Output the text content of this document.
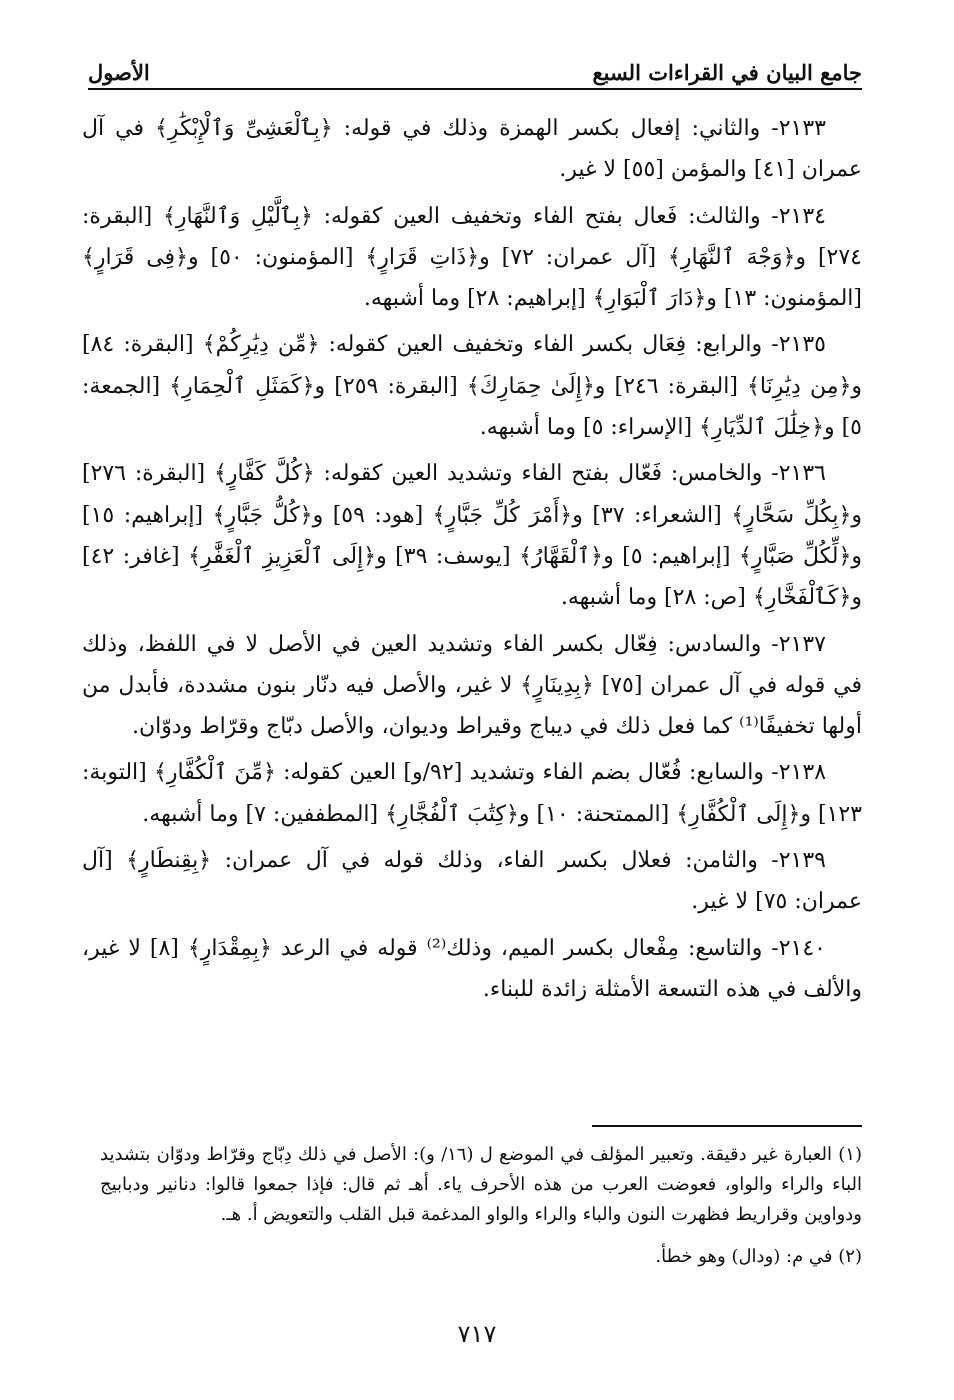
جامع البيان في القراءات السبع
الأصول

٢١٣٣- والثاني: إفعال بكسر الهمزة وذلك في قوله: ﴿بِٱلْعَشِىِّ وَٱلْإِبْكَٰرِ﴾ في آل عمران [٤١] والمؤمن [٥٥] لا غير.

٢١٣٤- والثالث: فَعال بفتح الفاء وتخفيف العين كقوله: ﴿بِٱلَّيْلِ وَٱلنَّهَارِ﴾ [البقرة: ٢٧٤] و﴿وَجْهَ ٱلنَّهَارِ﴾ [آل عمران: ٧٢] و﴿ذَاتِ قَرَارٍ﴾ [المؤمنون: ٥٠] و﴿فِى قَرَارٍ﴾ [المؤمنون: ١٣] و﴿دَارَ ٱلْبَوَارِ﴾ [إبراهيم: ٢٨] وما أشبهه.

٢١٣٥- والرابع: فِعَال بكسر الفاء وتخفيف العين كقوله: ﴿مِّن دِيَٰرِكُمْ﴾ [البقرة: ٨٤] و﴿مِن دِيَٰرِنَا﴾ [البقرة: ٢٤٦] و﴿إِلَىٰ حِمَارِكَ﴾ [البقرة: ٢٥٩] و﴿كَمَثَلِ ٱلْحِمَارِ﴾ [الجمعة: ٥] و﴿خِلَٰلَ ٱلدِّيَارِ﴾ [الإسراء: ٥] وما أشبهه.

٢١٣٦- والخامس: فَعّال بفتح الفاء وتشديد العين كقوله: ﴿كُلَّ كَفَّارٍ﴾ [البقرة: ٢٧٦] و﴿بِكُلِّ سَحَّارٍ﴾ [الشعراء: ٣٧] و﴿أَمْرَ كُلِّ جَبَّارٍ﴾ [هود: ٥٩] و﴿كُلُّ جَبَّارٍ﴾ [إبراهيم: ١٥] و﴿لِّكُلِّ صَبَّارٍ﴾ [إبراهيم: ٥] و﴿ٱلْقَهَّارُ﴾ [يوسف: ٣٩] و﴿إِلَى ٱلْعَزِيزِ ٱلْغَفَّٰرِ﴾ [غافر: ٤٢] و﴿كَٱلْفَخَّارِ﴾ [ص: ٢٨] وما أشبهه.

٢١٣٧- والسادس: فِعّال بكسر الفاء وتشديد العين في الأصل لا في اللفظ، وذلك في قوله في آل عمران [٧٥] ﴿بِدِينَارٍ﴾ لا غير، والأصل فيه دنّار بنون مشددة، فأبدل من أولها تخفيفًا⁽¹⁾ كما فعل ذلك في ديباج وقيراط وديوان، والأصل دبّاج وقرّاط ودوّان.

٢١٣٨- والسابع: فُعّال بضم الفاء وتشديد [٩٢/و] العين كقوله: ﴿مِّنَ ٱلْكُفَّارِ﴾ [التوبة: ١٢٣] و﴿إِلَى ٱلْكُفَّارِ﴾ [الممتحنة: ١٠] و﴿كِتَٰبَ ٱلْفُجَّارِ﴾ [المطففين: ٧] وما أشبهه.

٢١٣٩- والثامن: فعلال بكسر الفاء، وذلك قوله في آل عمران: ﴿بِقِنطَارٍ﴾ [آل عمران: ٧٥] لا غير.

٢١٤٠- والتاسع: مِفْعال بكسر الميم، وذلك⁽²⁾ قوله في الرعد ﴿بِمِقْدَارٍ﴾ [٨] لا غير، والألف في هذه التسعة الأمثلة زائدة للبناء.

(١) العبارة غير دقيقة. وتعبير المؤلف في الموضع ل (١٦/ و): الأصل في ذلك دِبّاج وقرّاط ودوّان بتشديد الباء والراء والواو، فعوضت العرب من هذه الأحرف ياء. أهـ ثم قال: فإذا جمعوا قالوا: دنانير ودبابيج ودواوين وقراريط فظهرت النون والباء والراء والواو المدغمة قبل القلب والتعويض أ. هـ.

(٢) في م: (ودال) وهو خطأ.

٧١٧
